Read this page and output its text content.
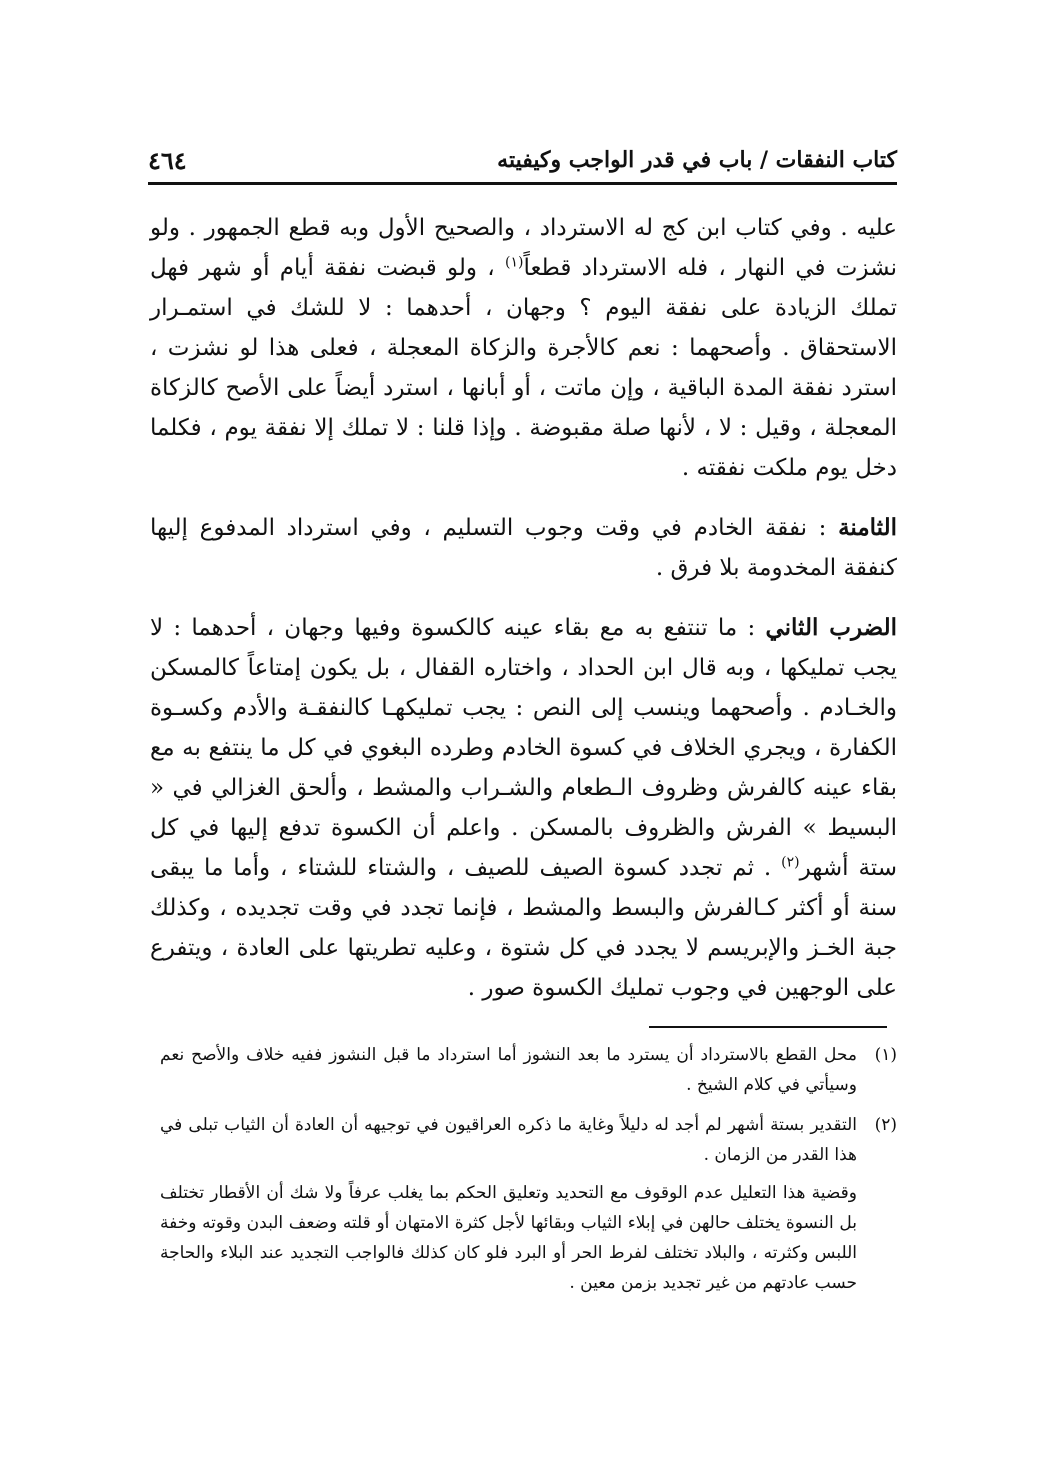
كتاب النفقات / باب في قدر الواجب وكيفيته
٤٦٤

عليه . وفي كتاب ابن كج له الاسترداد ، والصحيح الأول وبه قطع الجمهور . ولو نشزت في النهار ، فله الاسترداد قطعاً$^{(١)}$ ، ولو قبضت نفقة أيام أو شهر فهل تملك الزيادة على نفقة اليوم ؟ وجهان ، أحدهما : لا للشك في استمـرار الاستحقاق . وأصحهما : نعم كالأجرة والزكاة المعجلة ، فعلى هذا لو نشزت ، استرد نفقة المدة الباقية ، وإن ماتت ، أو أبانها ، استرد أيضاً على الأصح كالزكاة المعجلة ، وقيل : لا ، لأنها صلة مقبوضة . وإذا قلنا : لا تملك إلا نفقة يوم ، فكلما دخل يوم ملكت نفقته .

الثامنة : نفقة الخادم في وقت وجوب التسليم ، وفي استرداد المدفوع إليها كنفقة المخدومة بلا فرق .

الضرب الثاني : ما تنتفع به مع بقاء عينه كالكسوة وفيها وجهان ، أحدهما : لا يجب تمليكها ، وبه قال ابن الحداد ، واختاره القفال ، بل يكون إمتاعاً كالمسكن والخـادم . وأصحهما وينسب إلى النص : يجب تمليكهـا كالنفقـة والأدم وكسـوة الكفارة ، ويجري الخلاف في كسوة الخادم وطرده البغوي في كل ما ينتفع به مع بقاء عينه كالفرش وظروف الـطعام والشـراب والمشط ، وألحق الغزالي في « البسيط » الفرش والظروف بالمسكن . واعلم أن الكسوة تدفع إليها في كل ستة أشهر$^{(٢)}$ . ثم تجدد كسوة الصيف للصيف ، والشتاء للشتاء ، وأما ما يبقى سنة أو أكثر كـالفرش والبسط والمشط ، فإنما تجدد في وقت تجديده ، وكذلك جبة الخـز والإبريسم لا يجدد في كل شتوة ، وعليه تطريتها على العادة ، ويتفرع على الوجهين في وجوب تمليك الكسوة صور .

(١)

محل القطع بالاسترداد أن يسترد ما بعد النشوز أما استرداد ما قبل النشوز ففيه خلاف والأصح نعم وسيأتي في كلام الشيخ .

(٢)

التقدير بستة أشهر لم أجد له دليلاً وغاية ما ذكره العراقيون في توجيهه أن العادة أن الثياب تبلى في هذا القدر من الزمان .

وقضية هذا التعليل عدم الوقوف مع التحديد وتعليق الحكم بما يغلب عرفاً ولا شك أن الأقطار تختلف بل النسوة يختلف حالهن في إبلاء الثياب وبقائها لأجل كثرة الامتهان أو قلته وضعف البدن وقوته وخفة اللبس وكثرته ، والبلاد تختلف لفرط الحر أو البرد فلو كان كذلك فالواجب التجديد عند البلاء والحاجة حسب عادتهم من غير تجديد بزمن معين .
